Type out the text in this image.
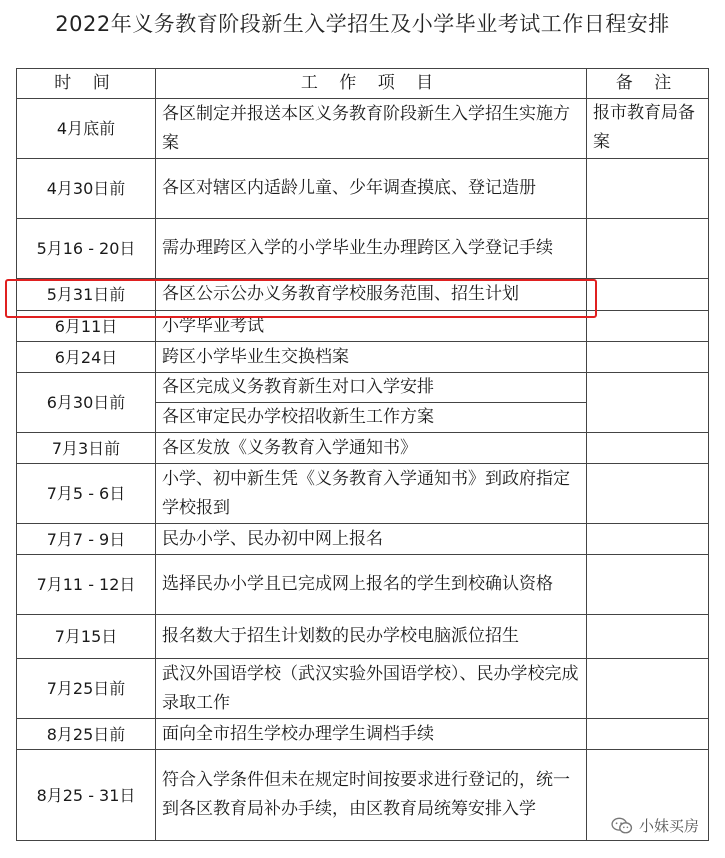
2022年义务教育阶段新生入学招生及小学毕业考试工作日程安排
时 间	工 作 项 目	备 注
4月底前	各区制定并报送本区义务教育阶段新生入学招生实施方案	报市教育局备案
4月30日前	各区对辖区内适龄儿童、少年调查摸底、登记造册	
5月16 - 20日	需办理跨区入学的小学毕业生办理跨区入学登记手续	
5月31日前	各区公示公办义务教育学校服务范围、招生计划	
6月11日	小学毕业考试	
6月24日	跨区小学毕业生交换档案	
6月30日前	各区完成义务教育新生对口入学安排	
	各区审定民办学校招收新生工作方案	
7月3日前	各区发放《义务教育入学通知书》	
7月5 - 6日	小学、初中新生凭《义务教育入学通知书》到政府指定学校报到	
7月7 - 9日	民办小学、民办初中网上报名	
7月11 - 12日	选择民办小学且已完成网上报名的学生到校确认资格	
7月15日	报名数大于招生计划数的民办学校电脑派位招生	
7月25日前	武汉外国语学校（武汉实验外国语学校）、民办学校完成录取工作	
8月25日前	面向全市招生学校办理学生调档手续	
8月25 - 31日	符合入学条件但未在规定时间按要求进行登记的，统一到各区教育局补办手续，由区教育局统筹安排入学	
小妹买房
